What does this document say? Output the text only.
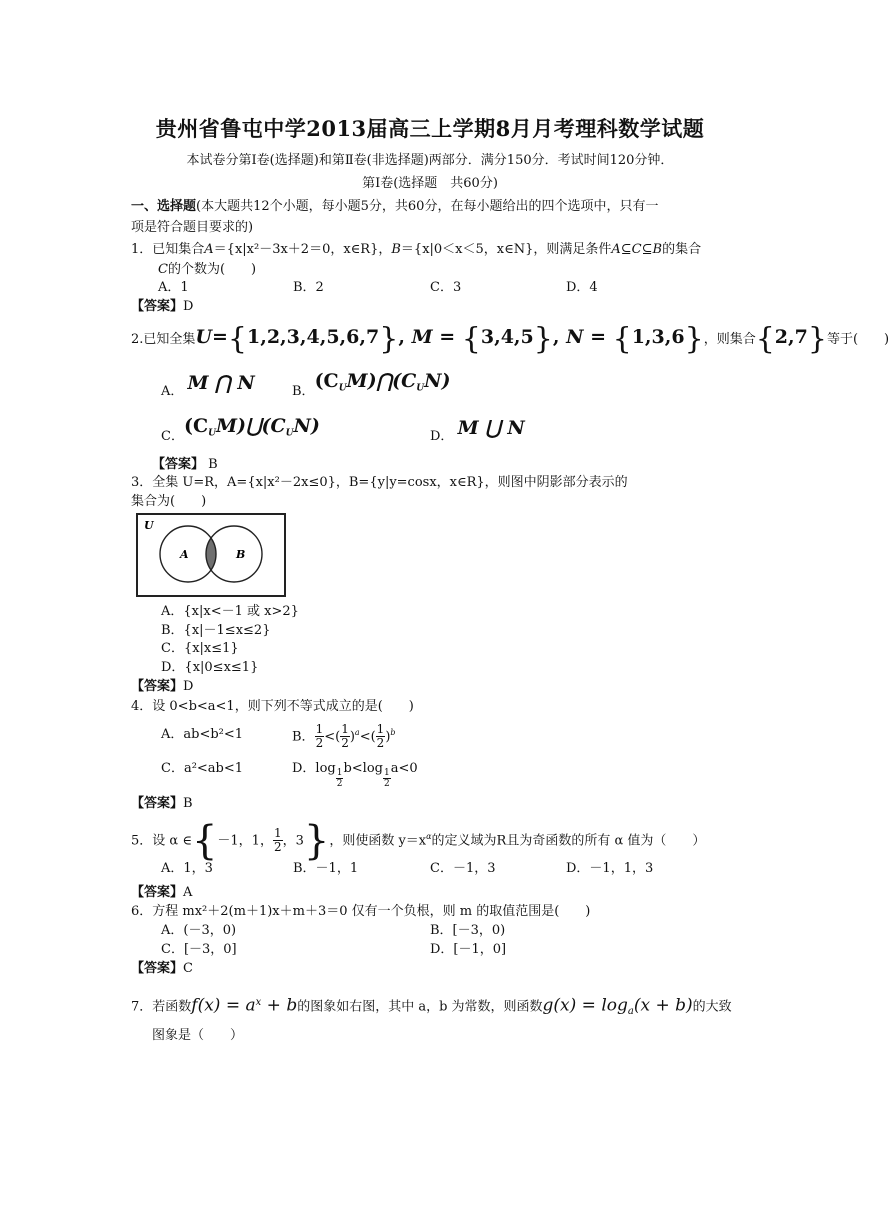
贵州省鲁屯中学2013届高三上学期8月月考理科数学试题
本试卷分第Ⅰ卷(选择题)和第Ⅱ卷(非选择题)两部分．满分150分．考试时间120分钟．
第Ⅰ卷(选择题　共60分)
一、选择题(本大题共12个小题，每小题5分，共60分，在每小题给出的四个选项中，只有一
项是符合题目要求的)
1．已知集合A＝{x|x²－3x＋2＝0，x∈R}，B＝{x|0＜x＜5，x∈N}，则满足条件A⊆C⊆B的集合
C的个数为(　　)
A．1	B．2	C．3	D．4
【答案】D
2.已知全集U={1,2,3,4,5,6,7}, M = {3,4,5}, N = {1,3,6}，则集合{2,7}等于(　　)
A． M ⋂ N	B．$(C_UM)⋂(C_UN)$
C．$(C_UM)⋃(C_UN)$	D． M ⋃ N
【答案】 B
3．全集 U=R，A={x|x²－2x≤0}，B={y|y=cosx，x∈R}，则图中阴影部分表示的
集合为(　　)
U
A	B
A．{x|x<－1 或 x>2}
B．{x|－1≤x≤2}
C．{x|x≤1}
D．{x|0≤x≤1}
【答案】D
4．设 0<b<a<1，则下列不等式成立的是(　　)
A．ab<b²<1	B． $\frac{1}{2}$ <( $\frac{1}{2} )^a<( \frac{1}{2} )^b$
C．a²<ab<1	D．$\log \frac{1}{2} b<\log \frac{1}{2} a<0$
【答案】B
5．设 α ∈{－1，1， $\frac{1}{2}$ ，3}，则使函数 $y=x^\alpha$的定义域为R且为奇函数的所有 α 值为（　　）
A．1，3	B．－1，1	C．－1，3	D．－1，1，3
【答案】A
6．方程 mx²＋2(m＋1)x＋m＋3＝0 仅有一个负根，则 m 的取值范围是(　　)
A．(－3，0)	B．[－3，0)
C．[－3，0]	D．[－1，0]
【答案】C
7．若函数$f(x) = a^x + b$的图象如右图，其中 a，b 为常数，则函数$g(x) = \log_a(x + b)$的大致
图象是（　　）
